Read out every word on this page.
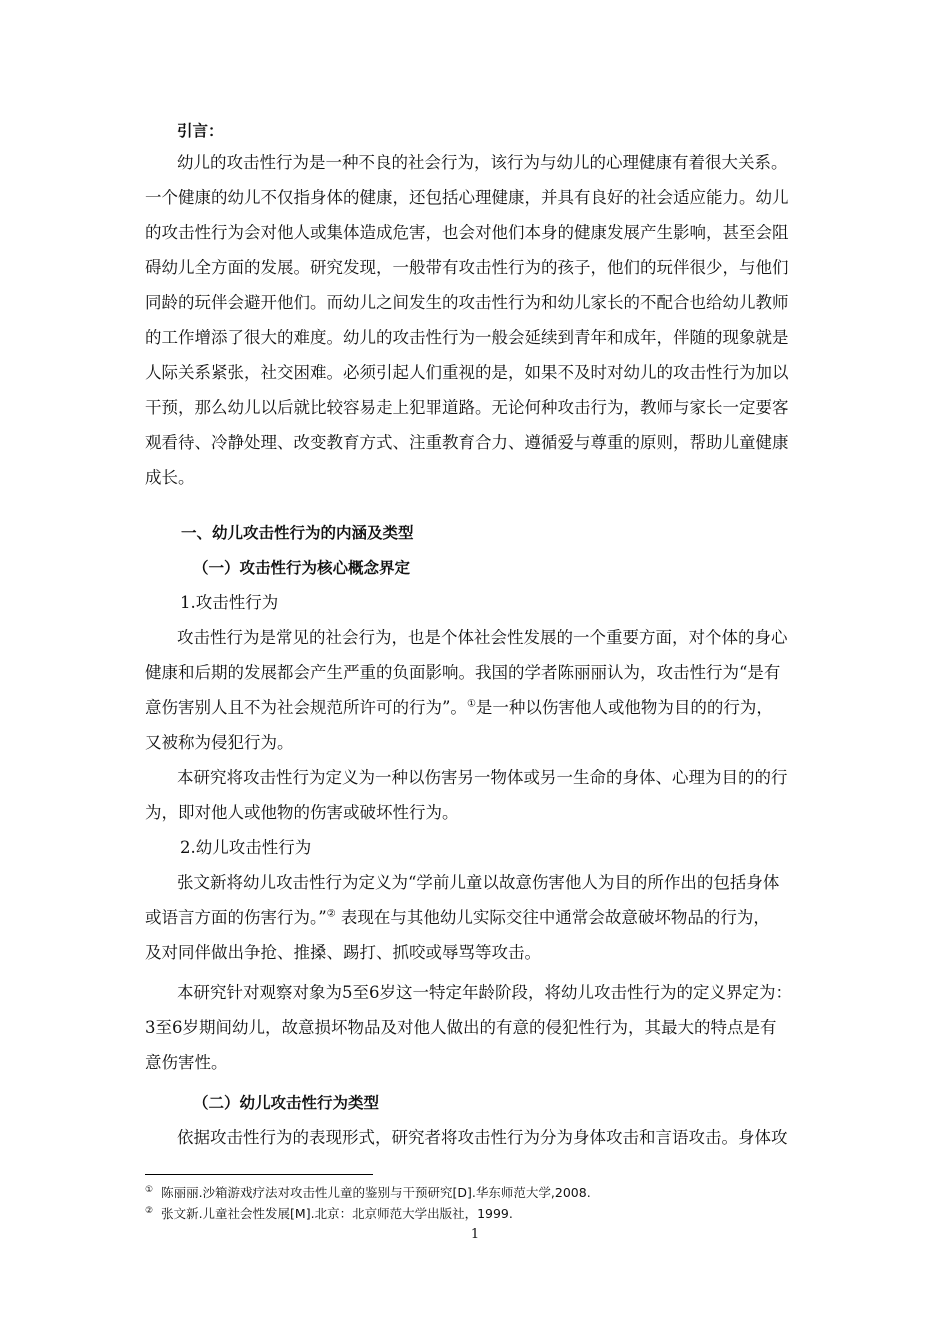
引言：
幼儿的攻击性行为是一种不良的社会行为，该行为与幼儿的心理健康有着很大关系。
一个健康的幼儿不仅指身体的健康，还包括心理健康，并具有良好的社会适应能力。幼儿
的攻击性行为会对他人或集体造成危害，也会对他们本身的健康发展产生影响，甚至会阻
碍幼儿全方面的发展。研究发现，一般带有攻击性行为的孩子，他们的玩伴很少，与他们
同龄的玩伴会避开他们。而幼儿之间发生的攻击性行为和幼儿家长的不配合也给幼儿教师
的工作增添了很大的难度。幼儿的攻击性行为一般会延续到青年和成年，伴随的现象就是
人际关系紧张，社交困难。必须引起人们重视的是，如果不及时对幼儿的攻击性行为加以
干预，那么幼儿以后就比较容易走上犯罪道路。无论何种攻击行为，教师与家长一定要客
观看待、冷静处理、改变教育方式、注重教育合力、遵循爱与尊重的原则，帮助儿童健康
成长。
一、幼儿攻击性行为的内涵及类型
（一）攻击性行为核心概念界定
1.攻击性行为
攻击性行为是常见的社会行为，也是个体社会性发展的一个重要方面，对个体的身心
健康和后期的发展都会产生严重的负面影响。我国的学者陈丽丽认为，攻击性行为“是有
意伤害别人且不为社会规范所许可的行为”。①是一种以伤害他人或他物为目的的行为，
又被称为侵犯行为。
本研究将攻击性行为定义为一种以伤害另一物体或另一生命的身体、心理为目的的行
为，即对他人或他物的伤害或破坏性行为。
2.幼儿攻击性行为
张文新将幼儿攻击性行为定义为“学前儿童以故意伤害他人为目的所作出的包括身体
或语言方面的伤害行为。”② 表现在与其他幼儿实际交往中通常会故意破坏物品的行为，
及对同伴做出争抢、推搡、踢打、抓咬或辱骂等攻击。
本研究针对观察对象为5至6岁这一特定年龄阶段，将幼儿攻击性行为的定义界定为：
3至6岁期间幼儿，故意损坏物品及对他人做出的有意的侵犯性行为，其最大的特点是有
意伤害性。
（二）幼儿攻击性行为类型
依据攻击性行为的表现形式，研究者将攻击性行为分为身体攻击和言语攻击。身体攻
① 陈丽丽.沙箱游戏疗法对攻击性儿童的鉴别与干预研究[D].华东师范大学,2008.
② 张文新.儿童社会性发展[M].北京：北京师范大学出版社，1999.
1
